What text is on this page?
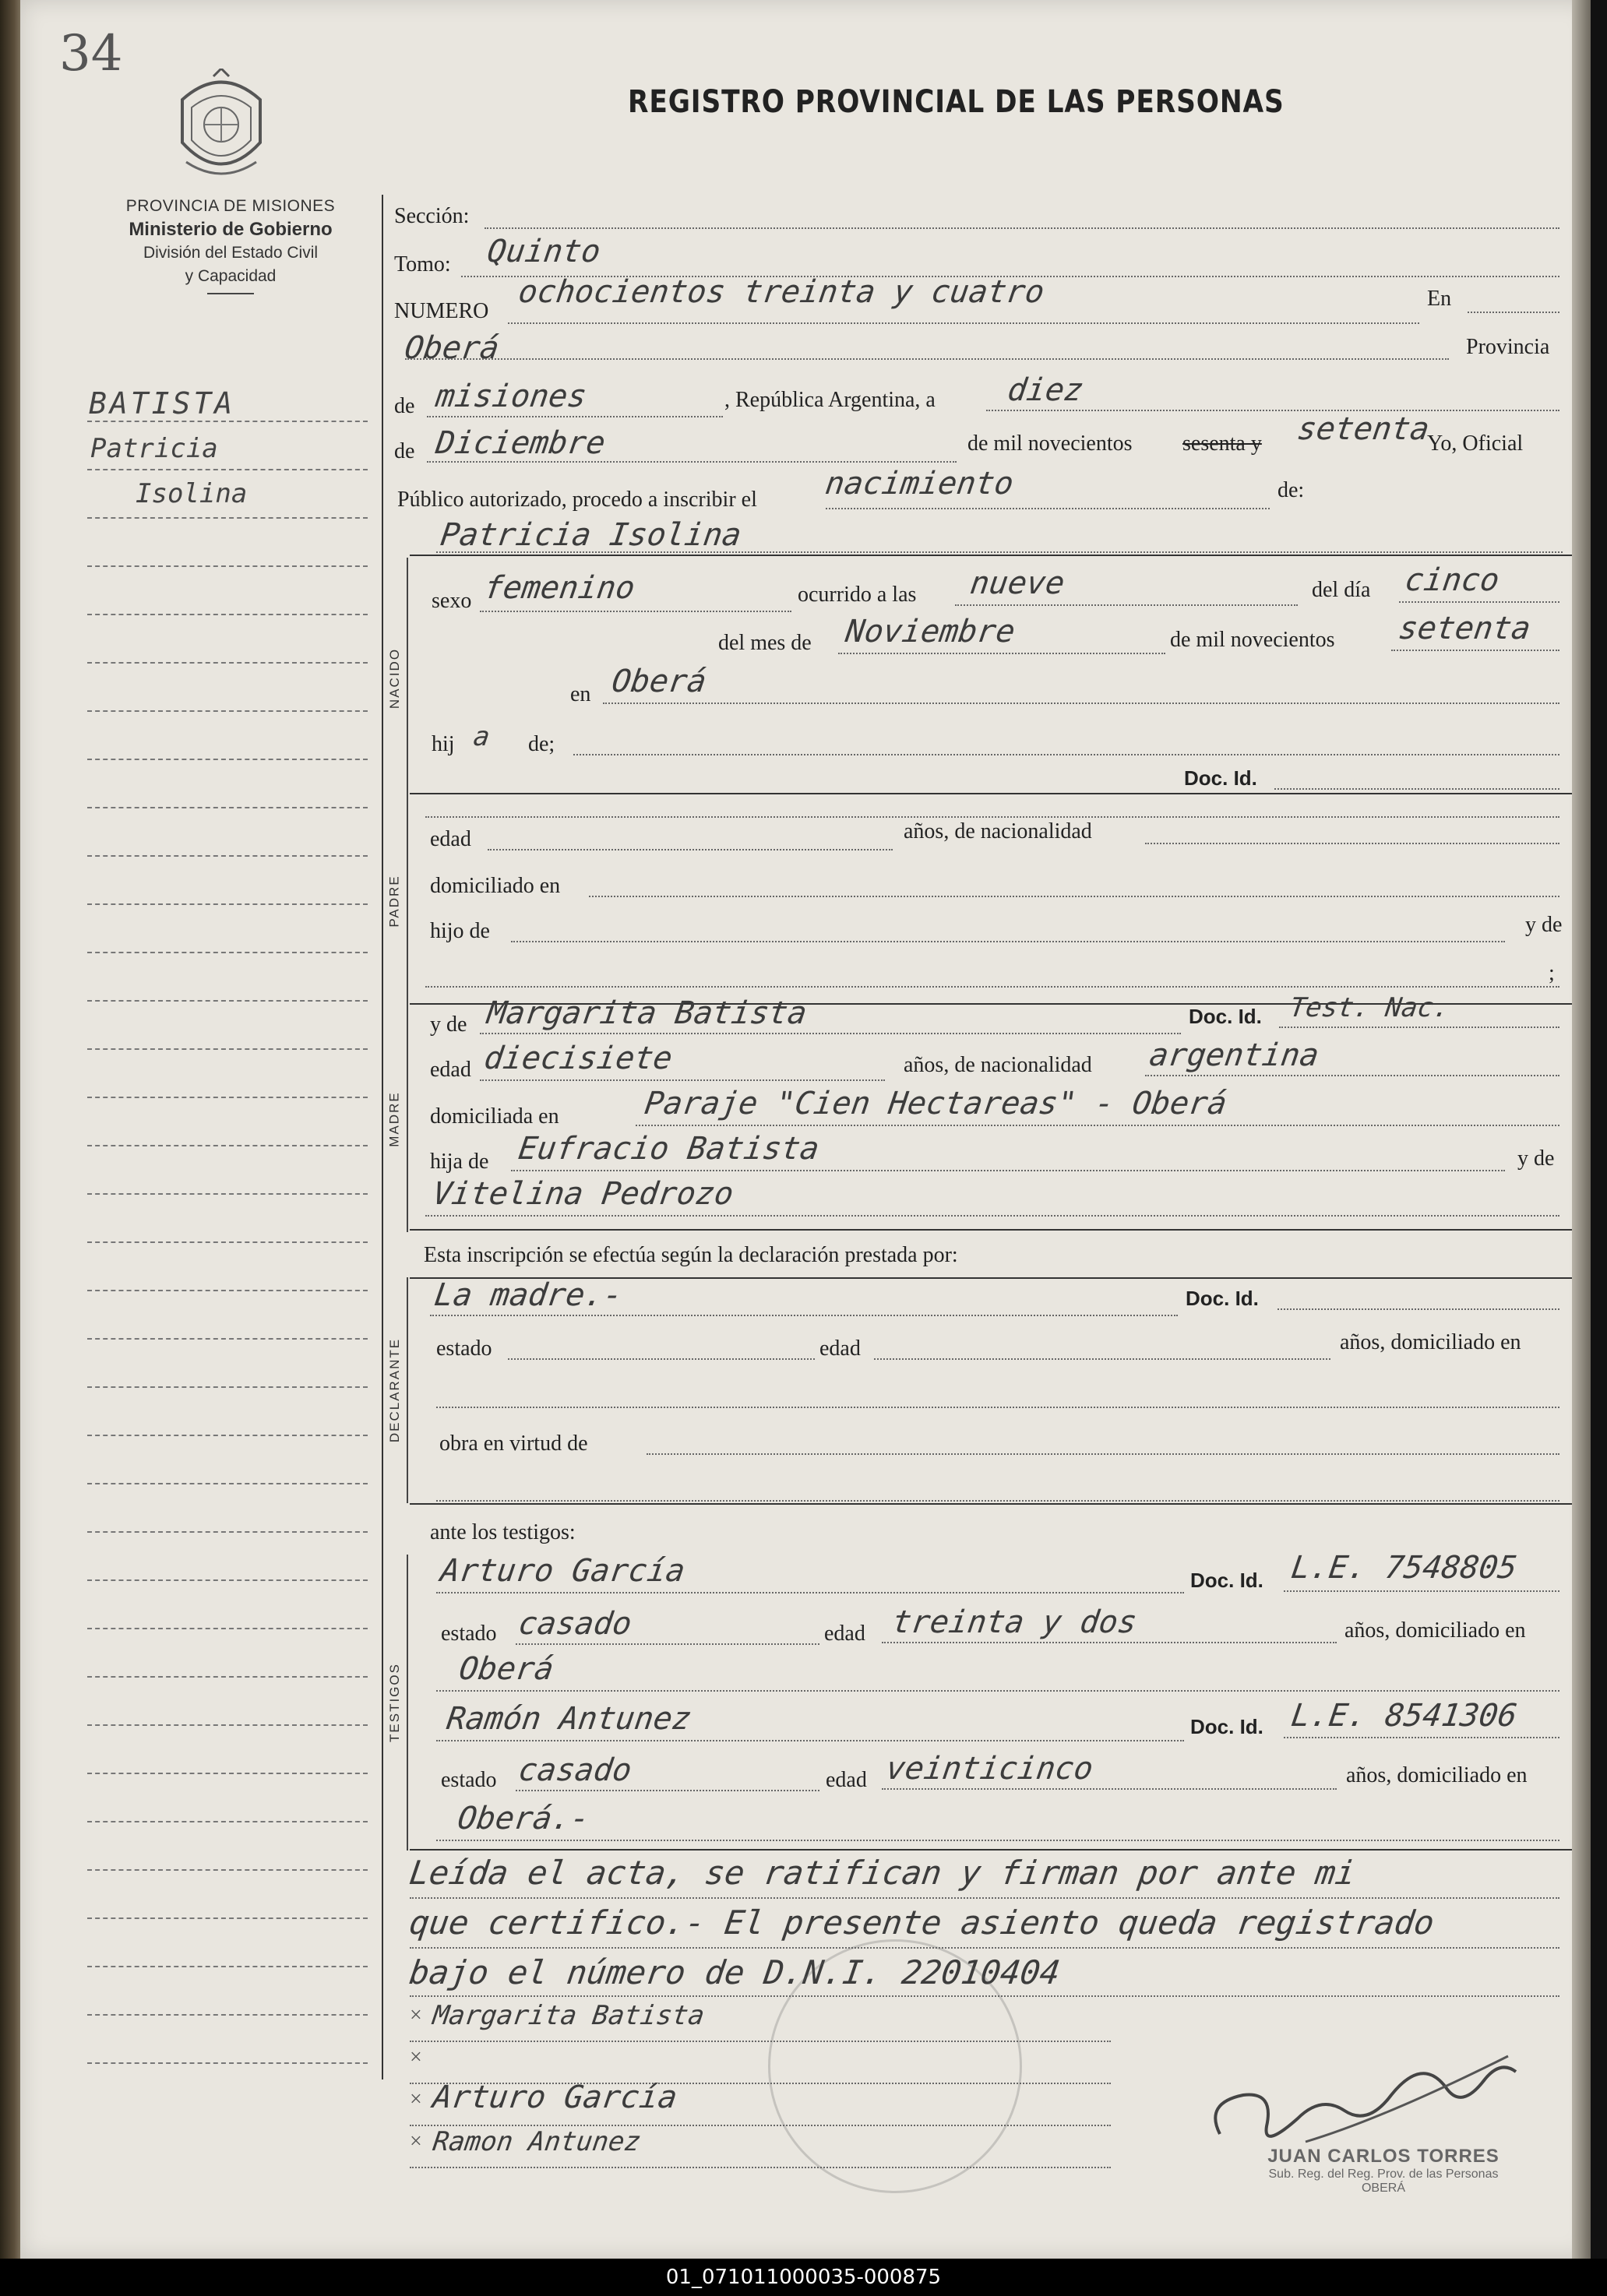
34
REGISTRO PROVINCIAL DE LAS PERSONAS
PROVINCIA DE MISIONES
Ministerio de Gobierno
División del Estado Civil
y Capacidad
BATISTA
Patricia
Isolina
Sección:
Tomo: Quinto
NUMERO
ochocientos treinta y cuatro	En
Oberá	Provincia
de misiones	, República Argentina, a diez
de Diciembre	de mil novecientos sesenta y setenta
Yo, Oficial
Público autorizado, procedo a inscribir el nacimiento	de:
Patricia Isolina
NACIDO
sexo femenino	ocurrido a las nueve	del día cinco
del mes de Noviembre	de mil novecientos setenta
en Oberá
hij a de;
Doc. Id.
PADRE
edad	años, de nacionalidad
domiciliado en
hijo de	y de
;
MADRE
y de Margarita Batista	Doc. Id. Test. Nac.
edad diecisiete	años, de nacionalidad argentina
domiciliada en	Paraje "Cien Hectareas" - Oberá
hija de Eufracio Batista	y de
Vitelina Pedrozo
Esta inscripción se efectúa según la declaración prestada por:
DECLARANTE
La madre.-	Doc. Id.
estado	edad	años, domiciliado en
obra en virtud de
ante los testigos:
TESTIGOS
Arturo García	Doc. Id. L.E. 7548805
estado casado	edad treinta y dos	años, domiciliado en
Oberá
Ramón Antunez	Doc. Id. L.E. 8541306
estado casado	edad veinticinco	años, domiciliado en
Oberá.-
Leída el acta, se ratifican y firman por ante mi
que certifico.- El presente asiento queda registrado
bajo el número de D.N.I. 22010404
× Margarita Batista
×
× Arturo García
× Ramon Antunez	JUAN CARLOS TORRES
Sub. Reg. del Reg. Prov. de las Personas
OBERÁ
01_071011000035-000875
